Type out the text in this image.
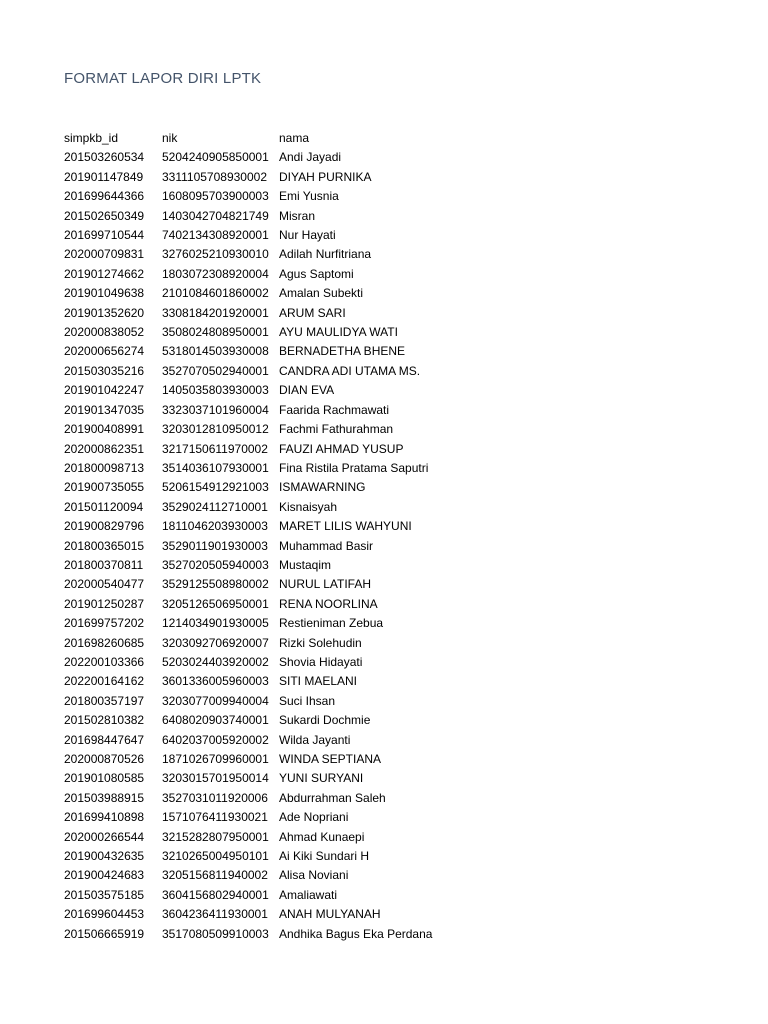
FORMAT LAPOR DIRI LPTK
simpkb_id	nik	nama
201503260534	5204240905850001	Andi Jayadi
201901147849	3311105708930002	DIYAH PURNIKA
201699644366	1608095703900003	Emi Yusnia
201502650349	1403042704821749	Misran
201699710544	7402134308920001	Nur Hayati
202000709831	3276025210930010	Adilah Nurfitriana
201901274662	1803072308920004	Agus Saptomi
201901049638	2101084601860002	Amalan Subekti
201901352620	3308184201920001	ARUM SARI
202000838052	3508024808950001	AYU MAULIDYA WATI
202000656274	5318014503930008	BERNADETHA BHENE
201503035216	3527070502940001	CANDRA ADI UTAMA MS.
201901042247	1405035803930003	DIAN EVA
201901347035	3323037101960004	Faarida Rachmawati
201900408991	3203012810950012	Fachmi Fathurahman
202000862351	3217150611970002	FAUZI AHMAD YUSUP
201800098713	3514036107930001	Fina Ristila Pratama Saputri
201900735055	5206154912921003	ISMAWARNING
201501120094	3529024112710001	Kisnaisyah
201900829796	1811046203930003	MARET LILIS WAHYUNI
201800365015	3529011901930003	Muhammad Basir
201800370811	3527020505940003	Mustaqim
202000540477	3529125508980002	NURUL LATIFAH
201901250287	3205126506950001	RENA NOORLINA
201699757202	1214034901930005	Restieniman Zebua
201698260685	3203092706920007	Rizki Solehudin
202200103366	5203024403920002	Shovia Hidayati
202200164162	3601336005960003	SITI MAELANI
201800357197	3203077009940004	Suci Ihsan
201502810382	6408020903740001	Sukardi Dochmie
201698447647	6402037005920002	Wilda Jayanti
202000870526	1871026709960001	WINDA SEPTIANA
201901080585	3203015701950014	YUNI SURYANI
201503988915	3527031011920006	Abdurrahman Saleh
201699410898	1571076411930021	Ade Nopriani
202000266544	3215282807950001	Ahmad Kunaepi
201900432635	3210265004950101	Ai Kiki Sundari H
201900424683	3205156811940002	Alisa Noviani
201503575185	3604156802940001	Amaliawati
201699604453	3604236411930001	ANAH MULYANAH
201506665919	3517080509910003	Andhika Bagus Eka Perdana
